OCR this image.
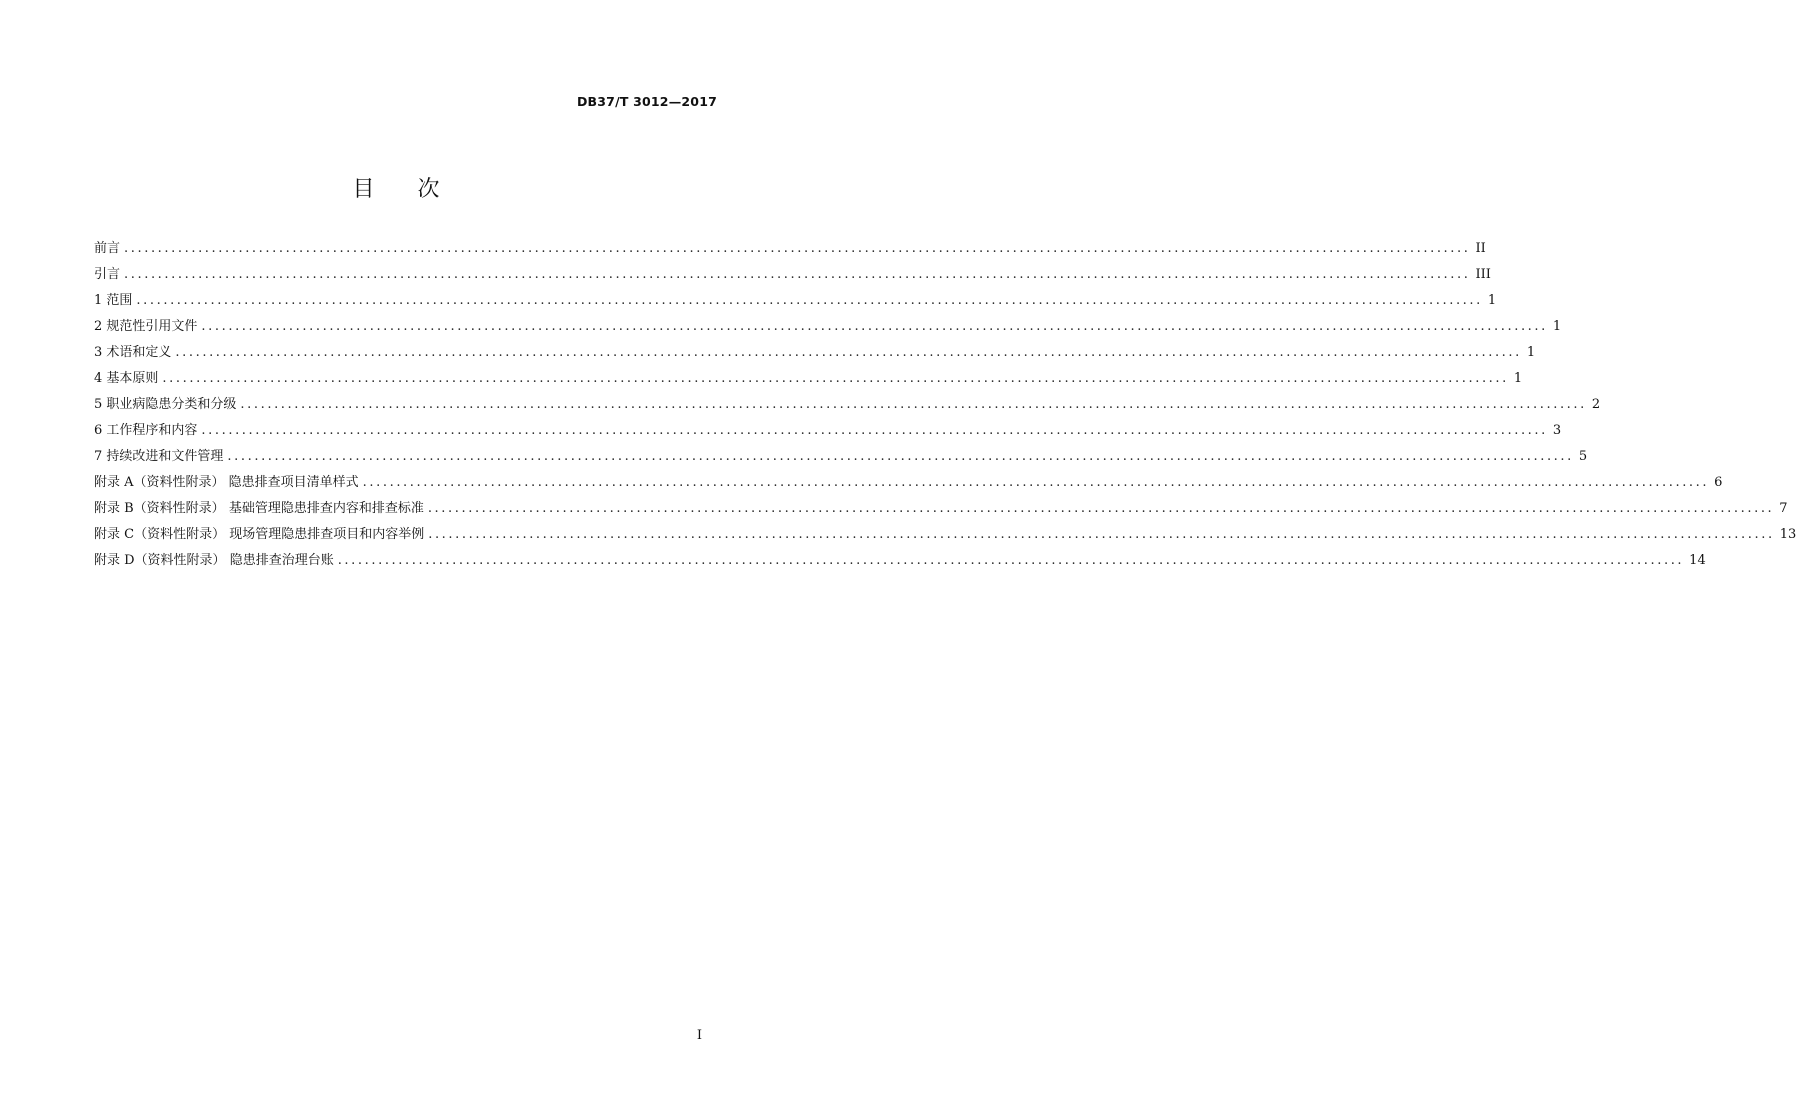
DB37/T 3012—2017
目 次
前言 ........................................................................................................................................................................................................ II
引言 ........................................................................................................................................................................................................ III
1 范围 ........................................................................................................................................................................................................ 1
2 规范性引用文件 ........................................................................................................................................................................................................ 1
3 术语和定义 ........................................................................................................................................................................................................ 1
4 基本原则 ........................................................................................................................................................................................................ 1
5 职业病隐患分类和分级 ........................................................................................................................................................................................................ 2
6 工作程序和内容 ........................................................................................................................................................................................................ 3
7 持续改进和文件管理 ........................................................................................................................................................................................................ 5
附录 A（资料性附录） 隐患排查项目清单样式 ........................................................................................................................................................................................................ 6
附录 B（资料性附录） 基础管理隐患排查内容和排查标准 ........................................................................................................................................................................................................ 7
附录 C（资料性附录） 现场管理隐患排查项目和内容举例 ........................................................................................................................................................................................................ 13
附录 D（资料性附录） 隐患排查治理台账 ........................................................................................................................................................................................................ 14
I
